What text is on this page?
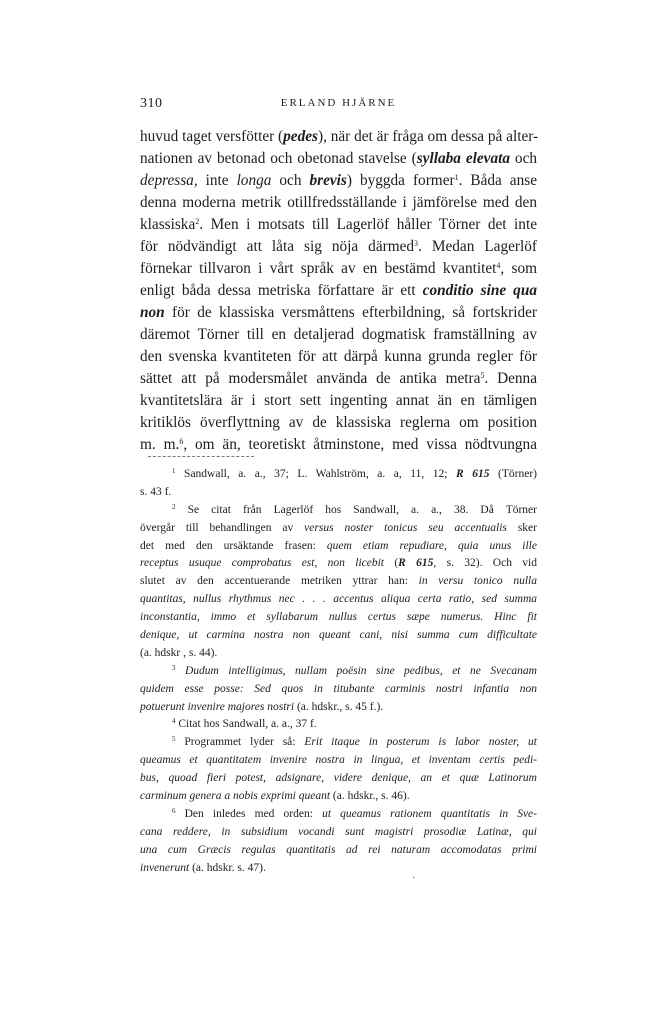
310	ERLAND HJÄRNE
huvud taget versfötter (pedes), när det är fråga om dessa på alter-
nationen av betonad och obetonad stavelse (syllaba elevata och
depressa, inte longa och brevis) byggda former$^1$. Båda anse
denna moderna metrik otillfredsställande i jämförelse med den
klassiska$^2$. Men i motsats till Lagerlöf håller Törner det inte
för nödvändigt att låta sig nöja därmed$^3$. Medan Lagerlöf
förnekar tillvaron i vårt språk av en bestämd kvantitet$^4$, som
enligt båda dessa metriska författare är ett conditio sine qua
non för de klassiska versmåttens efterbildning, så fortskrider
däremot Törner till en detaljerad dogmatisk framställning av
den svenska kvantiteten för att därpå kunna grunda regler för
sättet att på modersmålet använda de antika metra$^5$. Denna
kvantitetslära är i stort sett ingenting annat än en tämligen
kritiklös överflyttning av de klassiska reglerna om position
m. m.$^6$, om än, teoretiskt åtminstone, med vissa nödtvungna
$^1$ Sandwall, a. a., 37; L. Wahlström, a. a, 11, 12; R 615 (Törner)
s. 43 f.
$^2$ Se citat från Lagerlöf hos Sandwall, a. a., 38. Då Törner
övergår till behandlingen av versus noster tonicus seu accentualis sker
det med den ursäktande frasen: quem etiam repudiare, quia unus ille
receptus usuque comprobatus est, non licebit (R 615, s. 32). Och vid
slutet av den accentuerande metriken yttrar han: in versu tonico nulla
quantitas, nullus rhythmus nec . . . accentus aliqua certa ratio, sed summa
inconstantia, immo et syllabarum nullus certus sæpe numerus. Hinc fit
denique, ut carmina nostra non queant cani, nisi summa cum difficultate
(a. hdskr , s. 44).
$^3$ Dudum intelligimus, nullam poësin sine pedibus, et ne Svecanam
quidem esse posse: Sed quos in titubante carminis nostri infantia non
potuerunt invenire majores nostri (a. hdskr., s. 45 f.).
$^4$ Citat hos Sandwall, a. a., 37 f.
$^5$ Programmet lyder så: Erit itaque in posterum is labor noster, ut
queamus et quantitatem invenire nostra in lingua, et inventam certis pedi-
bus, quoad fieri potest, adsignare, videre denique, an et quæ Latinorum
carminum genera a nobis exprimi queant (a. hdskr., s. 46).
$^6$ Den inledes med orden: ut queamus rationem quantitatis in Sve-
cana reddere, in subsidium vocandi sunt magistri prosodiæ Latinæ, qui
una cum Græcis regulas quantitatis ad rei naturam accomodatas primi
invenerunt (a. hdskr. s. 47).
·
